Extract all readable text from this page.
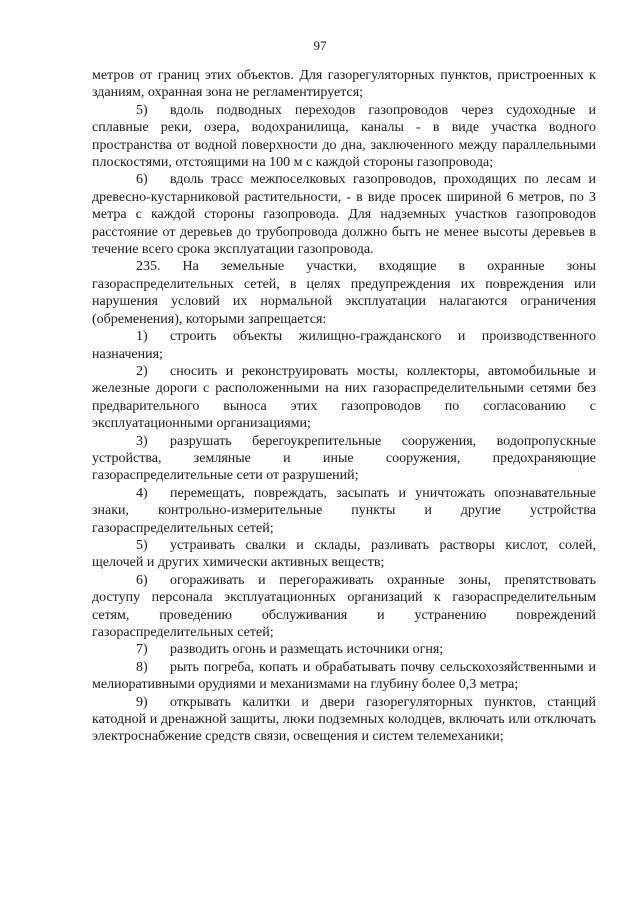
97

метров от границ этих объектов. Для газорегуляторных пунктов, пристроенных к зданиям, охранная зона не регламентируется;

5) вдоль подводных переходов газопроводов через судоходные и сплавные реки, озера, водохранилища, каналы - в виде участка водного пространства от водной поверхности до дна, заключенного между параллельными плоскостями, отстоящими на 100 м с каждой стороны газопровода;

6) вдоль трасс межпоселковых газопроводов, проходящих по лесам и древесно-кустарниковой растительности, - в виде просек шириной 6 метров, по 3 метра с каждой стороны газопровода. Для надземных участков газопроводов расстояние от деревьев до трубопровода должно быть не менее высоты деревьев в течение всего срока эксплуатации газопровода.

235. На земельные участки, входящие в охранные зоны газораспределительных сетей, в целях предупреждения их повреждения или нарушения условий их нормальной эксплуатации налагаются ограничения (обременения), которыми запрещается:

1) строить объекты жилищно-гражданского и производственного назначения;

2) сносить и реконструировать мосты, коллекторы, автомобильные и железные дороги с расположенными на них газораспределительными сетями без предварительного выноса этих газопроводов по согласованию с эксплуатационными организациями;

3) разрушать берегоукрепительные сооружения, водопропускные устройства, земляные и иные сооружения, предохраняющие газораспределительные сети от разрушений;

4) перемещать, повреждать, засыпать и уничтожать опознавательные знаки, контрольно-измерительные пункты и другие устройства газораспределительных сетей;

5) устраивать свалки и склады, разливать растворы кислот, солей, щелочей и других химически активных веществ;

6) огораживать и перегораживать охранные зоны, препятствовать доступу персонала эксплуатационных организаций к газораспределительным сетям, проведению обслуживания и устранению повреждений газораспределительных сетей;

7) разводить огонь и размещать источники огня;

8) рыть погреба, копать и обрабатывать почву сельскохозяйственными и мелиоративными орудиями и механизмами на глубину более 0,3 метра;

9) открывать калитки и двери газорегуляторных пунктов, станций катодной и дренажной защиты, люки подземных колодцев, включать или отключать электроснабжение средств связи, освещения и систем телемеханики;
